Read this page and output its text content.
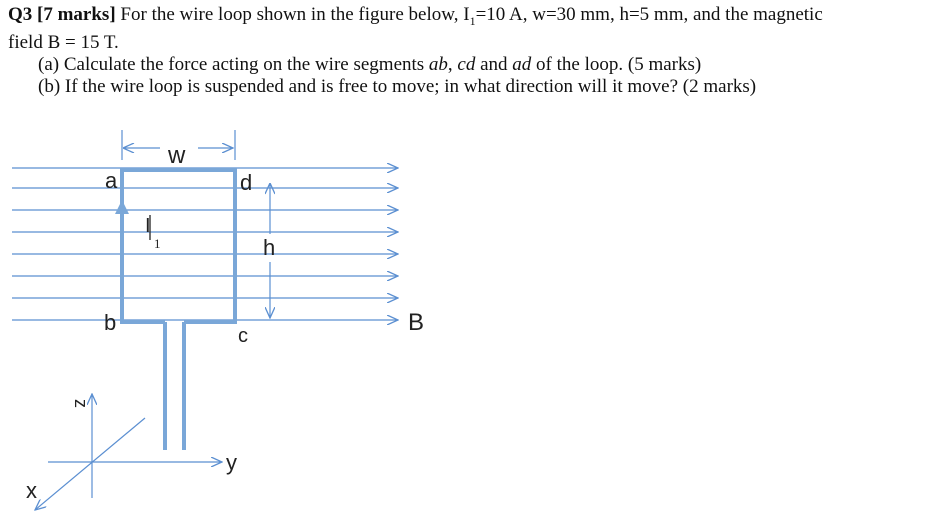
Q3 [7 marks] For the wire loop shown in the figure below, $I_1=10$ A, w=30 mm, h=5 mm, and the magnetic
field B = 15 T.
(a) Calculate the force acting on the wire segments ab, cd and ad of the loop. (5 marks)
(b) If the wire loop is suspended and is free to move; in what direction will it move? (2 marks)
w
a	d
I
1	h
b
c	B
z
y
x
